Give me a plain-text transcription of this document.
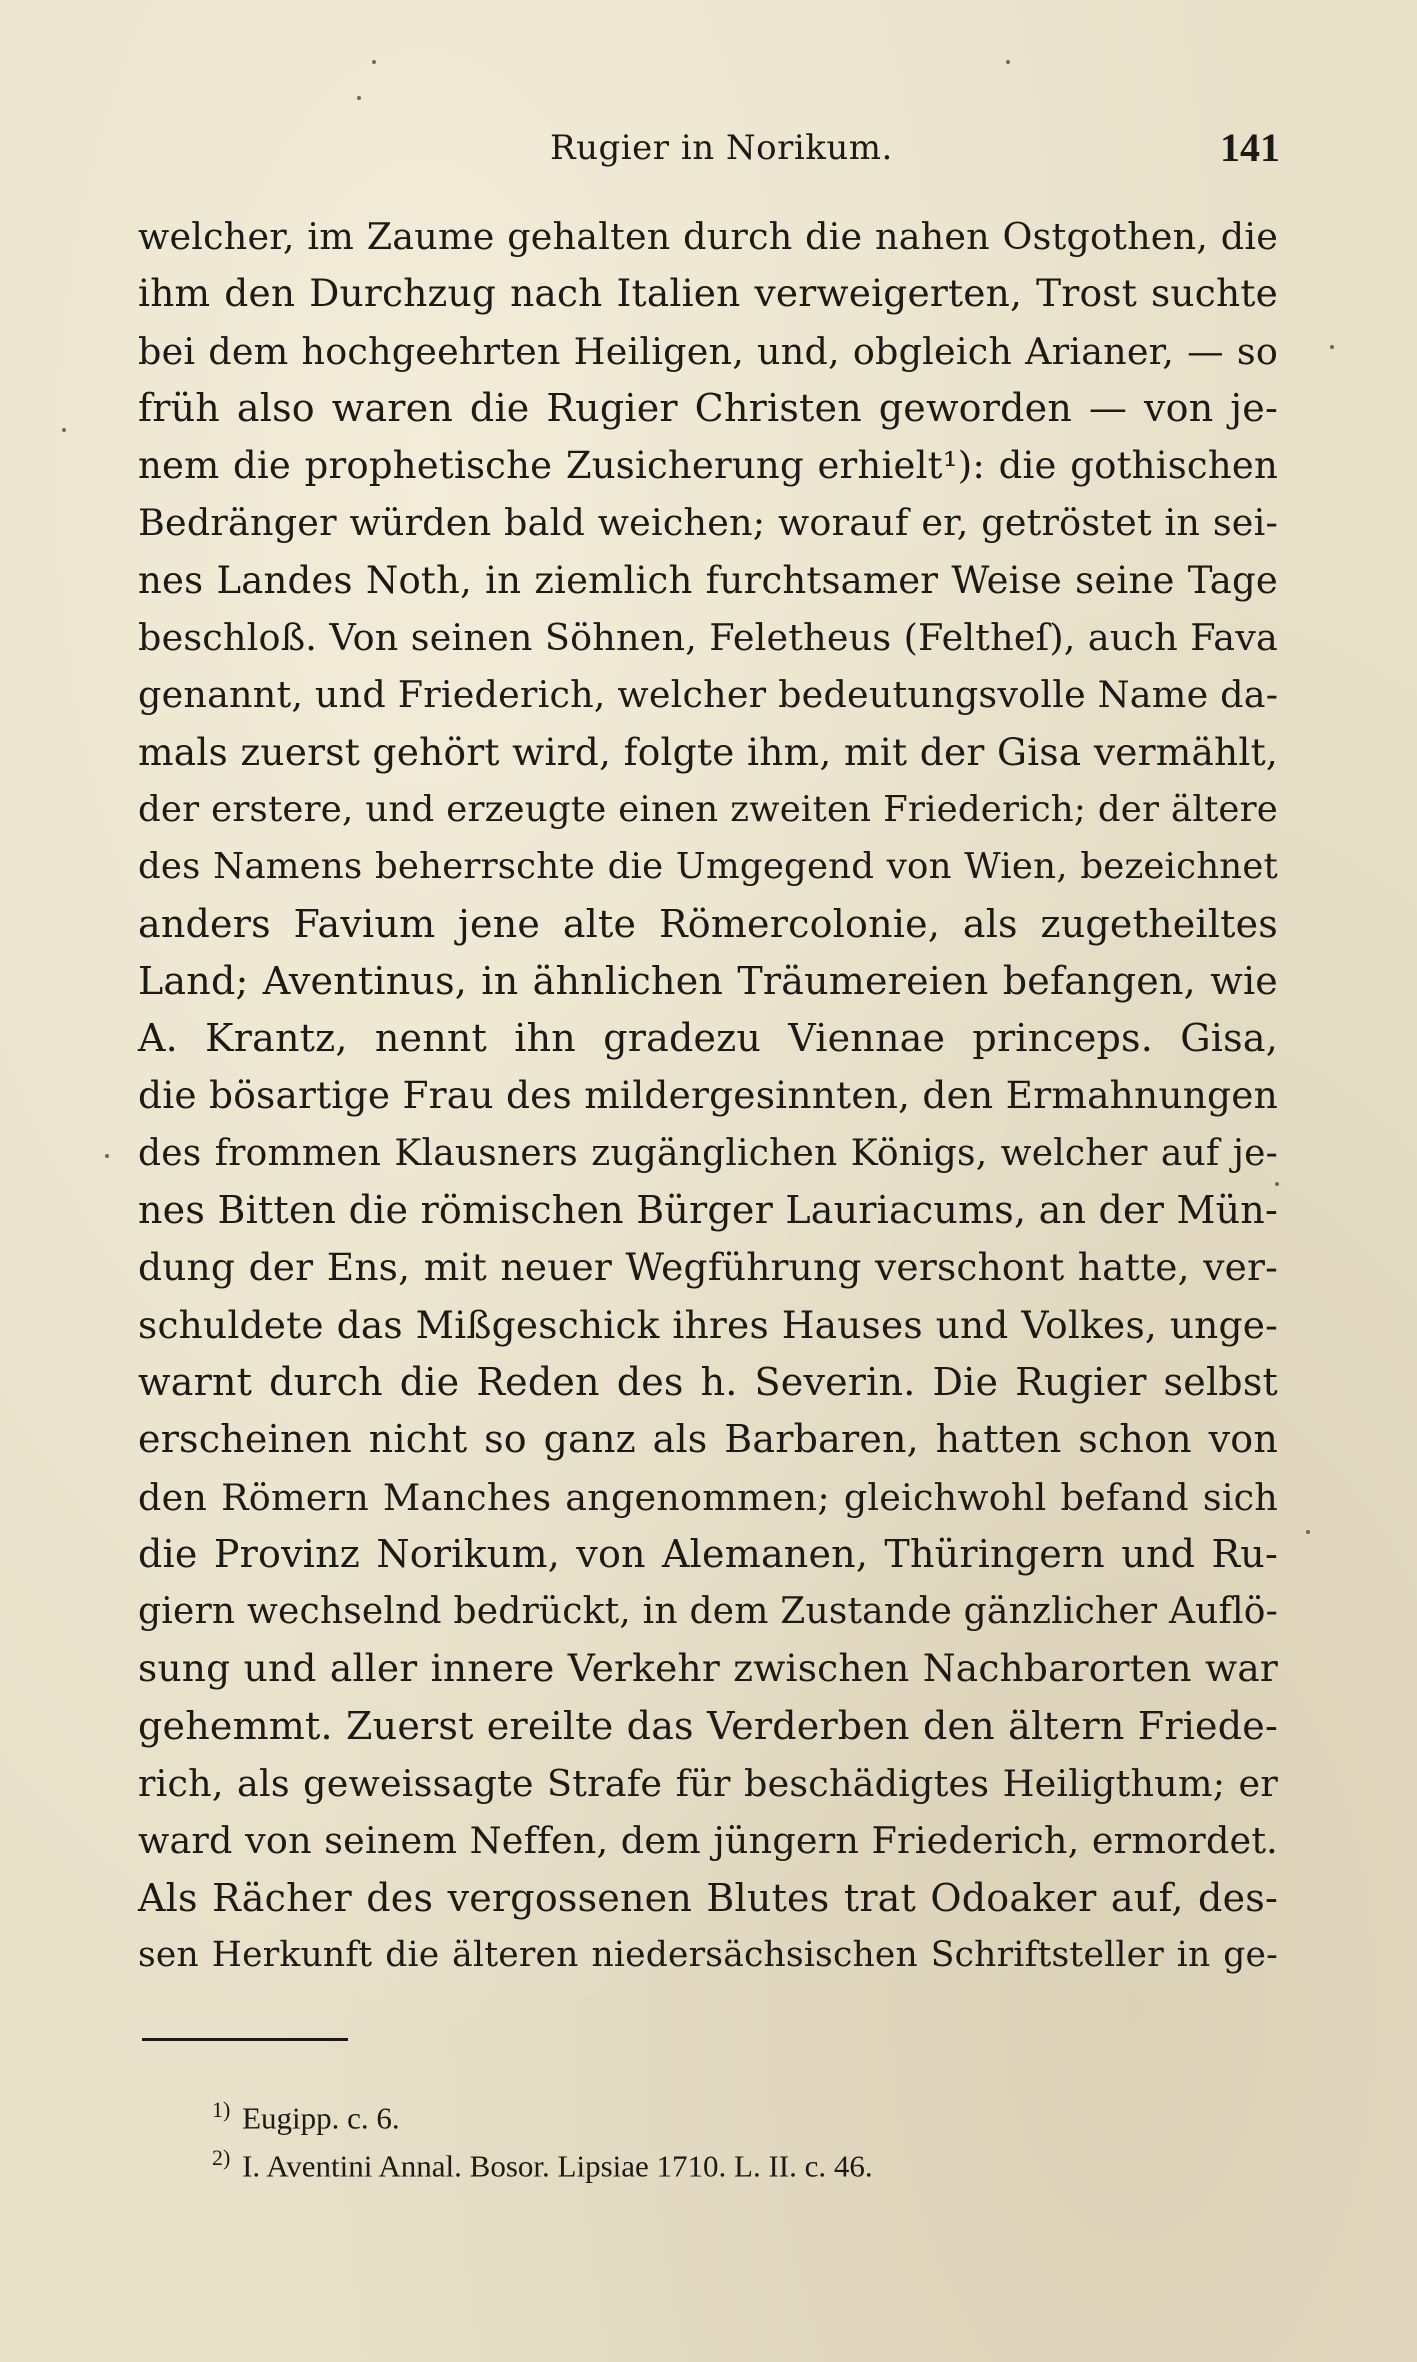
Rugier in Norikum.	141
welcher, im Zaume gehalten durch die nahen Ostgothen, die
ihm den Durchzug nach Italien verweigerten, Trost suchte
bei dem hochgeehrten Heiligen, und, obgleich Arianer, — so
früh also waren die Rugier Christen geworden — von je-
nem die prophetische Zusicherung erhielt¹): die gothischen
Bedränger würden bald weichen; worauf er, getröstet in sei-
nes Landes Noth, in ziemlich furchtsamer Weise seine Tage
beschloß. Von seinen Söhnen, Feletheus (Feltheſ), auch Fava
genannt, und Friederich, welcher bedeutungsvolle Name da-
mals zuerst gehört wird, folgte ihm, mit der Gisa vermählt,
der erstere, und erzeugte einen zweiten Friederich; der ältere
des Namens beherrschte die Umgegend von Wien, bezeichnet
anders Favium jene alte Römercolonie, als zugetheiltes
Land; Aventinus, in ähnlichen Träumereien befangen, wie
A. Krantz, nennt ihn gradezu Viennae princeps. Gisa,
die bösartige Frau des mildergesinnten, den Ermahnungen
des frommen Klausners zugänglichen Königs, welcher auf je-
nes Bitten die römischen Bürger Lauriacums, an der Mün-
dung der Ens, mit neuer Wegführung verschont hatte, ver-
schuldete das Mißgeschick ihres Hauses und Volkes, unge-
warnt durch die Reden des h. Severin. Die Rugier selbst
erscheinen nicht so ganz als Barbaren, hatten schon von
den Römern Manches angenommen; gleichwohl befand sich
die Provinz Norikum, von Alemanen, Thüringern und Ru-
giern wechselnd bedrückt, in dem Zustande gänzlicher Auflö-
sung und aller innere Verkehr zwischen Nachbarorten war
gehemmt. Zuerst ereilte das Verderben den ältern Friede-
rich, als geweissagte Strafe für beschädigtes Heiligthum; er
ward von seinem Neffen, dem jüngern Friederich, ermordet.
Als Rächer des vergossenen Blutes trat Odoaker auf, des-
sen Herkunft die älteren niedersächsischen Schriftsteller in ge-
$^{1)}$ Eugipp. c. 6.
$^{2)}$ I. Aventini Annal. Bosor. Lipsiae 1710. L. II. c. 46.
